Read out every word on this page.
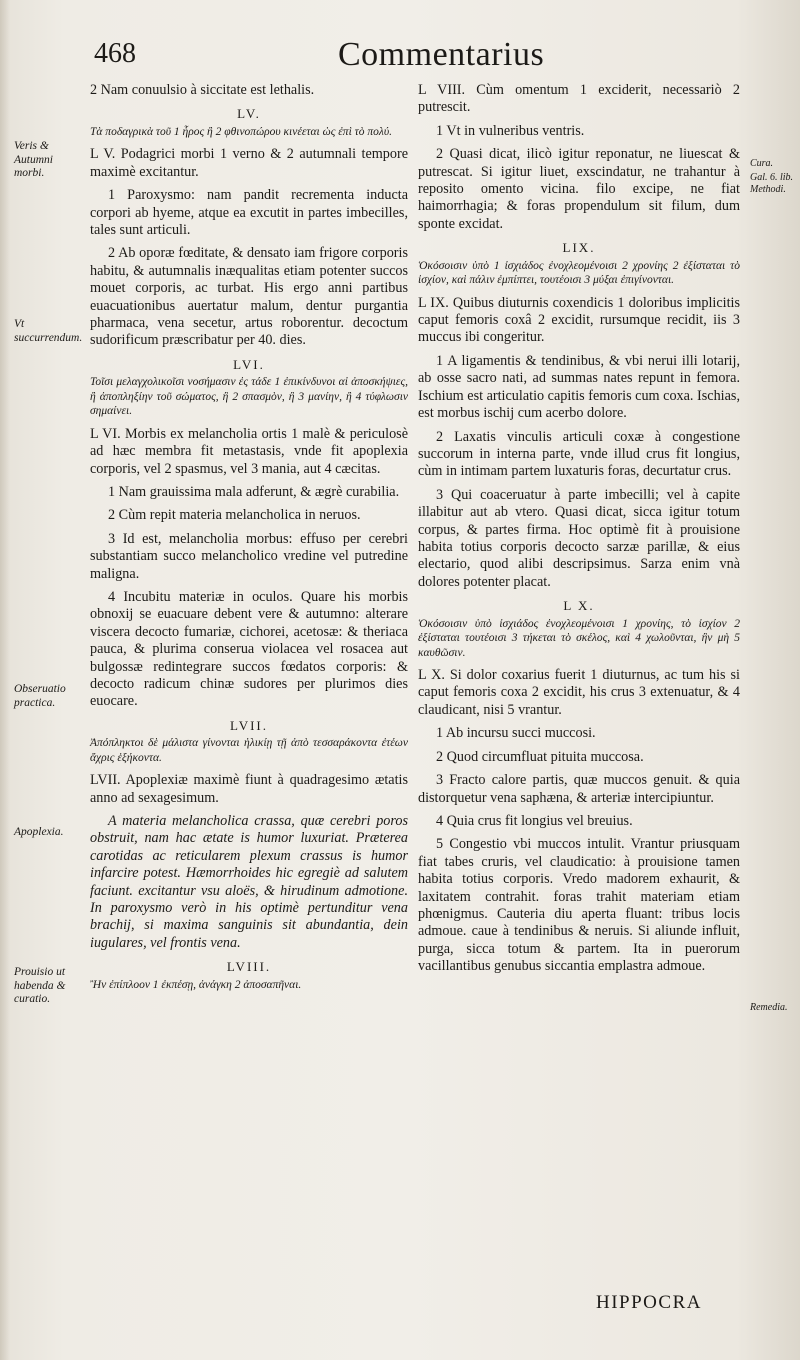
468	Commentarius
Veris & Autumni morbi.
Vt succurrendum.
Obseruatio practica.
Apoplexia.
Prouisio ut habenda & curatio.
Cura.
Gal. 6. lib. Methodi.
Remedia.
2 Nam conuulsio à siccitate est lethalis.
LV.
Τὰ ποδαγρικὰ τοῦ 1 ἦρος ἢ 2 φθινοπώρου κινέεται ὡς ἐπὶ τὸ πολύ.
L V. Podagrici morbi 1 verno & 2 autumnali tempore maximè excitantur.
1 Paroxysmo: nam pandit recrementa inducta corpori ab hyeme, atque ea excutit in partes imbecilles, tales sunt articuli.
2 Ab oporæ fœditate, & densato iam frigore corporis habitu, & autumnalis inæqualitas etiam potenter succos mouet corporis, ac turbat. His ergo anni partibus euacuationibus auertatur malum, dentur purgantia pharmaca, vena secetur, artus roborentur. decoctum sudorificum præscribatur per 40. dies.
LVI.
Τοῖσι μελαγχολικοῖσι νοσήμασιν ἐς τάδε 1 ἐπικίνδυνοι αἱ ἀποσκήψιες, ἢ ἀποπληξίην τοῦ σώματος, ἢ 2 σπασμὸν, ἢ 3 μανίην, ἢ 4 τύφλωσιν σημαίνει.
L VI. Morbis ex melancholia ortis 1 malè & periculosè ad hæc membra fit metastasis, vnde fit apoplexia corporis, vel 2 spasmus, vel 3 mania, aut 4 cæcitas.
1 Nam grauissima mala adferunt, & ægrè curabilia.
2 Cùm repit materia melancholica in neruos.
3 Id est, melancholia morbus: effuso per cerebri substantiam succo melancholico vredine vel putredine maligna.
4 Incubitu materiæ in oculos. Quare his morbis obnoxij se euacuare debent vere & autumno: alterare viscera decocto fumariæ, cichorei, acetosæ: & theriaca pauca, & plurima conserua violacea vel rosacea aut bulgossæ redintegrare succos fœdatos corporis: & decocto radicum chinæ sudores per plurimos dies euocare.
LVII.
Ἀπόπληκτοι δὲ μάλιστα γίνονται ἡλικίῃ τῇ ἀπὸ τεσσαράκοντα ἐτέων ἄχρις ἑξήκοντα.
LVII. Apoplexiæ maximè fiunt à quadragesimo ætatis anno ad sexagesimum.
A materia melancholica crassa, quæ cerebri poros obstruit, nam hac ætate is humor luxuriat. Præterea carotidas ac reticularem plexum crassus is humor infarcire potest. Hæmorrhoides hic egregiè ad salutem faciunt. excitantur vsu aloës, & hirudinum admotione. In paroxysmo verò in his optimè pertunditur vena brachij, si maxima sanguinis sit abundantia, dein iugulares, vel frontis vena.
LVIII.
Ἢν ἐπίπλοον 1 ἐκπέσῃ, ἀνάγκη 2 ἀποσαπῆναι.
L VIII. Cùm omentum 1 exciderit, necessariò 2 putrescit.
1 Vt in vulneribus ventris.
2 Quasi dicat, ilicò igitur reponatur, ne liuescat & putrescat. Si igitur liuet, exscindatur, ne trahantur à reposito omento vicina. filo excipe, ne fiat haimorrhagia; & foras propendulum sit filum, dum sponte excidat.
LIX.
Ὁκόσοισιν ὑπὸ 1 ἰσχιάδος ἐνοχλεομένοισι 2 χρονίης 2 ἐξίσταται τὸ ἰσχίον, καὶ πάλιν ἐμπίπτει, τουτέοισι 3 μύξαι ἐπιγίνονται.
L IX. Quibus diuturnis coxendicis 1 doloribus implicitis caput femoris coxâ 2 excidit, rursumque recidit, iis 3 muccus ibi congeritur.
1 A ligamentis & tendinibus, & vbi nerui illi lotarij, ab osse sacro nati, ad summas nates repunt in femora. Ischium est articulatio capitis femoris cum coxa. Ischias, est morbus ischij cum acerbo dolore.
2 Laxatis vinculis articuli coxæ à congestione succorum in interna parte, vnde illud crus fit longius, cùm in intimam partem luxaturis foras, decurtatur crus.
3 Qui coaceruatur à parte imbecilli; vel à capite illabitur aut ab vtero. Quasi dicat, sicca igitur totum corpus, & partes firma. Hoc optimè fit à prouisione habita totius corporis decocto sarzæ parillæ, & eius electario, quod alibi descripsimus. Sarza enim vnà dolores potenter placat.
L X.
Ὁκόσοισιν ὑπὸ ἰσχιάδος ἐνοχλεομένοισι 1 χρονίης, τὸ ἰσχίον 2 ἐξίσταται τουτέοισι 3 τήκεται τὸ σκέλος, καὶ 4 χωλοῦνται, ἢν μὴ 5 καυθῶσιν.
L X. Si dolor coxarius fuerit 1 diuturnus, ac tum his si caput femoris coxa 2 excidit, his crus 3 extenuatur, & 4 claudicant, nisi 5 vrantur.
1 Ab incursu succi muccosi.
2 Quod circumfluat pituita muccosa.
3 Fracto calore partis, quæ muccos genuit. & quia distorquetur vena saphæna, & arteriæ intercipiuntur.
4 Quia crus fit longius vel breuius.
5 Congestio vbi muccos intulit. Vrantur priusquam fiat tabes cruris, vel claudicatio: à prouisione tamen habita totius corporis. Vredo madorem exhaurit, & laxitatem contrahit. foras trahit materiam etiam phœnigmus. Cauteria diu aperta fluant: tribus locis admoue. caue à tendinibus & neruis. Si aliunde influit, purga, sicca totum & partem. Ita in puerorum vacillantibus genubus siccantia emplastra admoue.
HIPPOCRA
